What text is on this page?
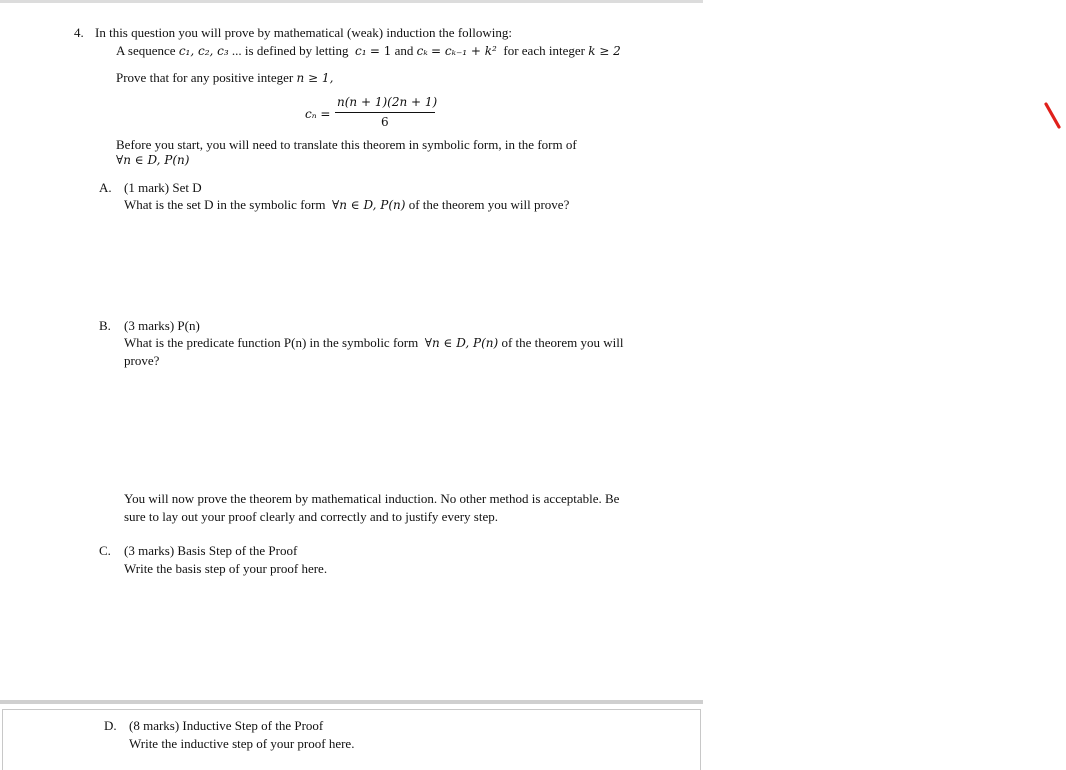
4. In this question you will prove by mathematical (weak) induction the following:
A sequence c₁, c₂, c₃ ... is defined by letting c₁ = 1 and cₖ = cₖ₋₁ + k² for each integer k ≥ 2
Prove that for any positive integer n ≥ 1,
cₙ =
n(n + 1)(2n + 1)
6
Before you start, you will need to translate this theorem in symbolic form, in the form of
∀n ∈ D, P(n)
A. (1 mark) Set D
What is the set D in the symbolic form ∀n ∈ D, P(n) of the theorem you will prove?
B. (3 marks) P(n)
What is the predicate function P(n) in the symbolic form ∀n ∈ D, P(n) of the theorem you will
prove?
You will now prove the theorem by mathematical induction. No other method is acceptable. Be
sure to lay out your proof clearly and correctly and to justify every step.
C. (3 marks) Basis Step of the Proof
Write the basis step of your proof here.
D. (8 marks) Inductive Step of the Proof
Write the inductive step of your proof here.
